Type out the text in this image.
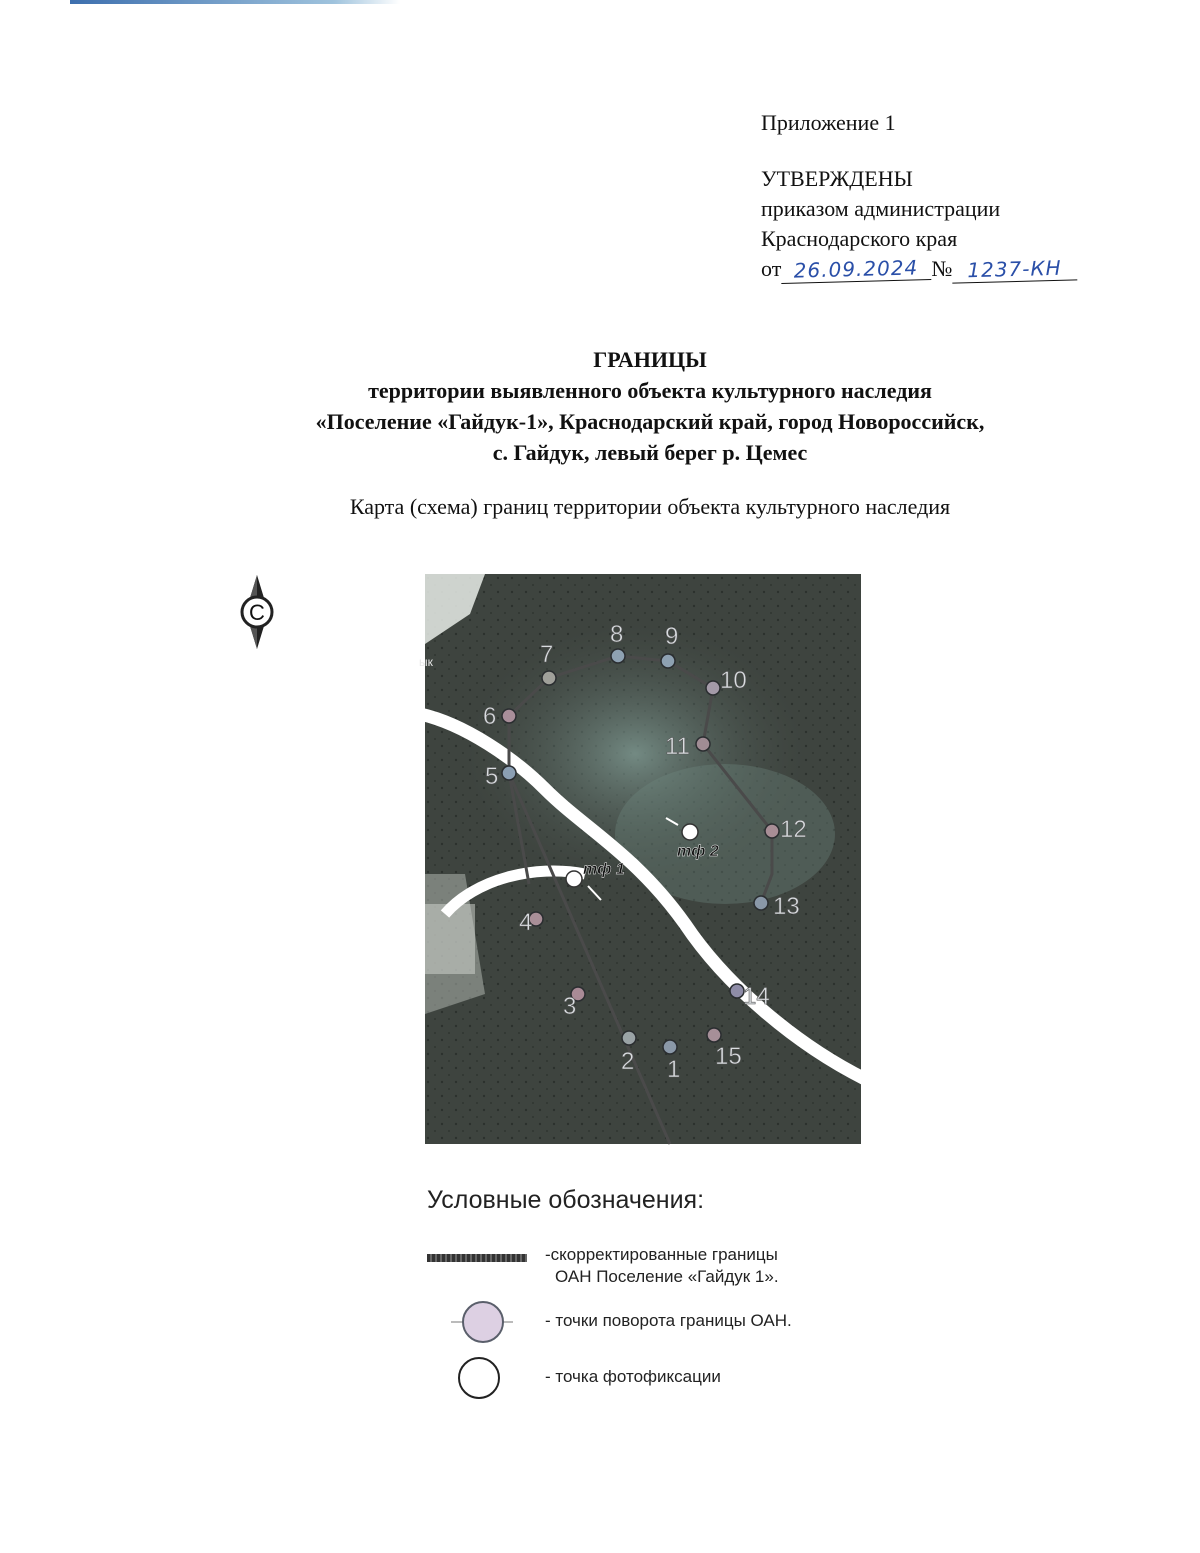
Приложение 1
УТВЕРЖДЕНЫ
приказом администрации
Краснодарского края
от 26.09.2024 № 1237-КН
ГРАНИЦЫ
территории выявленного объекта культурного наследия
«Поселение «Гайдук-1», Краснодарский край, город Новороссийск,
с. Гайдук, левый берег р. Цемес
Карта (схема) границ территории объекта культурного наследия
С
1
2
3
4
5
6
7
8 9
10
11
12
13
14
15
тф 1
тф 2
ык
Условные обозначения:
-скорректированные границы
ОАН Поселение «Гайдук 1».
- точки поворота границы ОАН.
- точка фотофиксации
